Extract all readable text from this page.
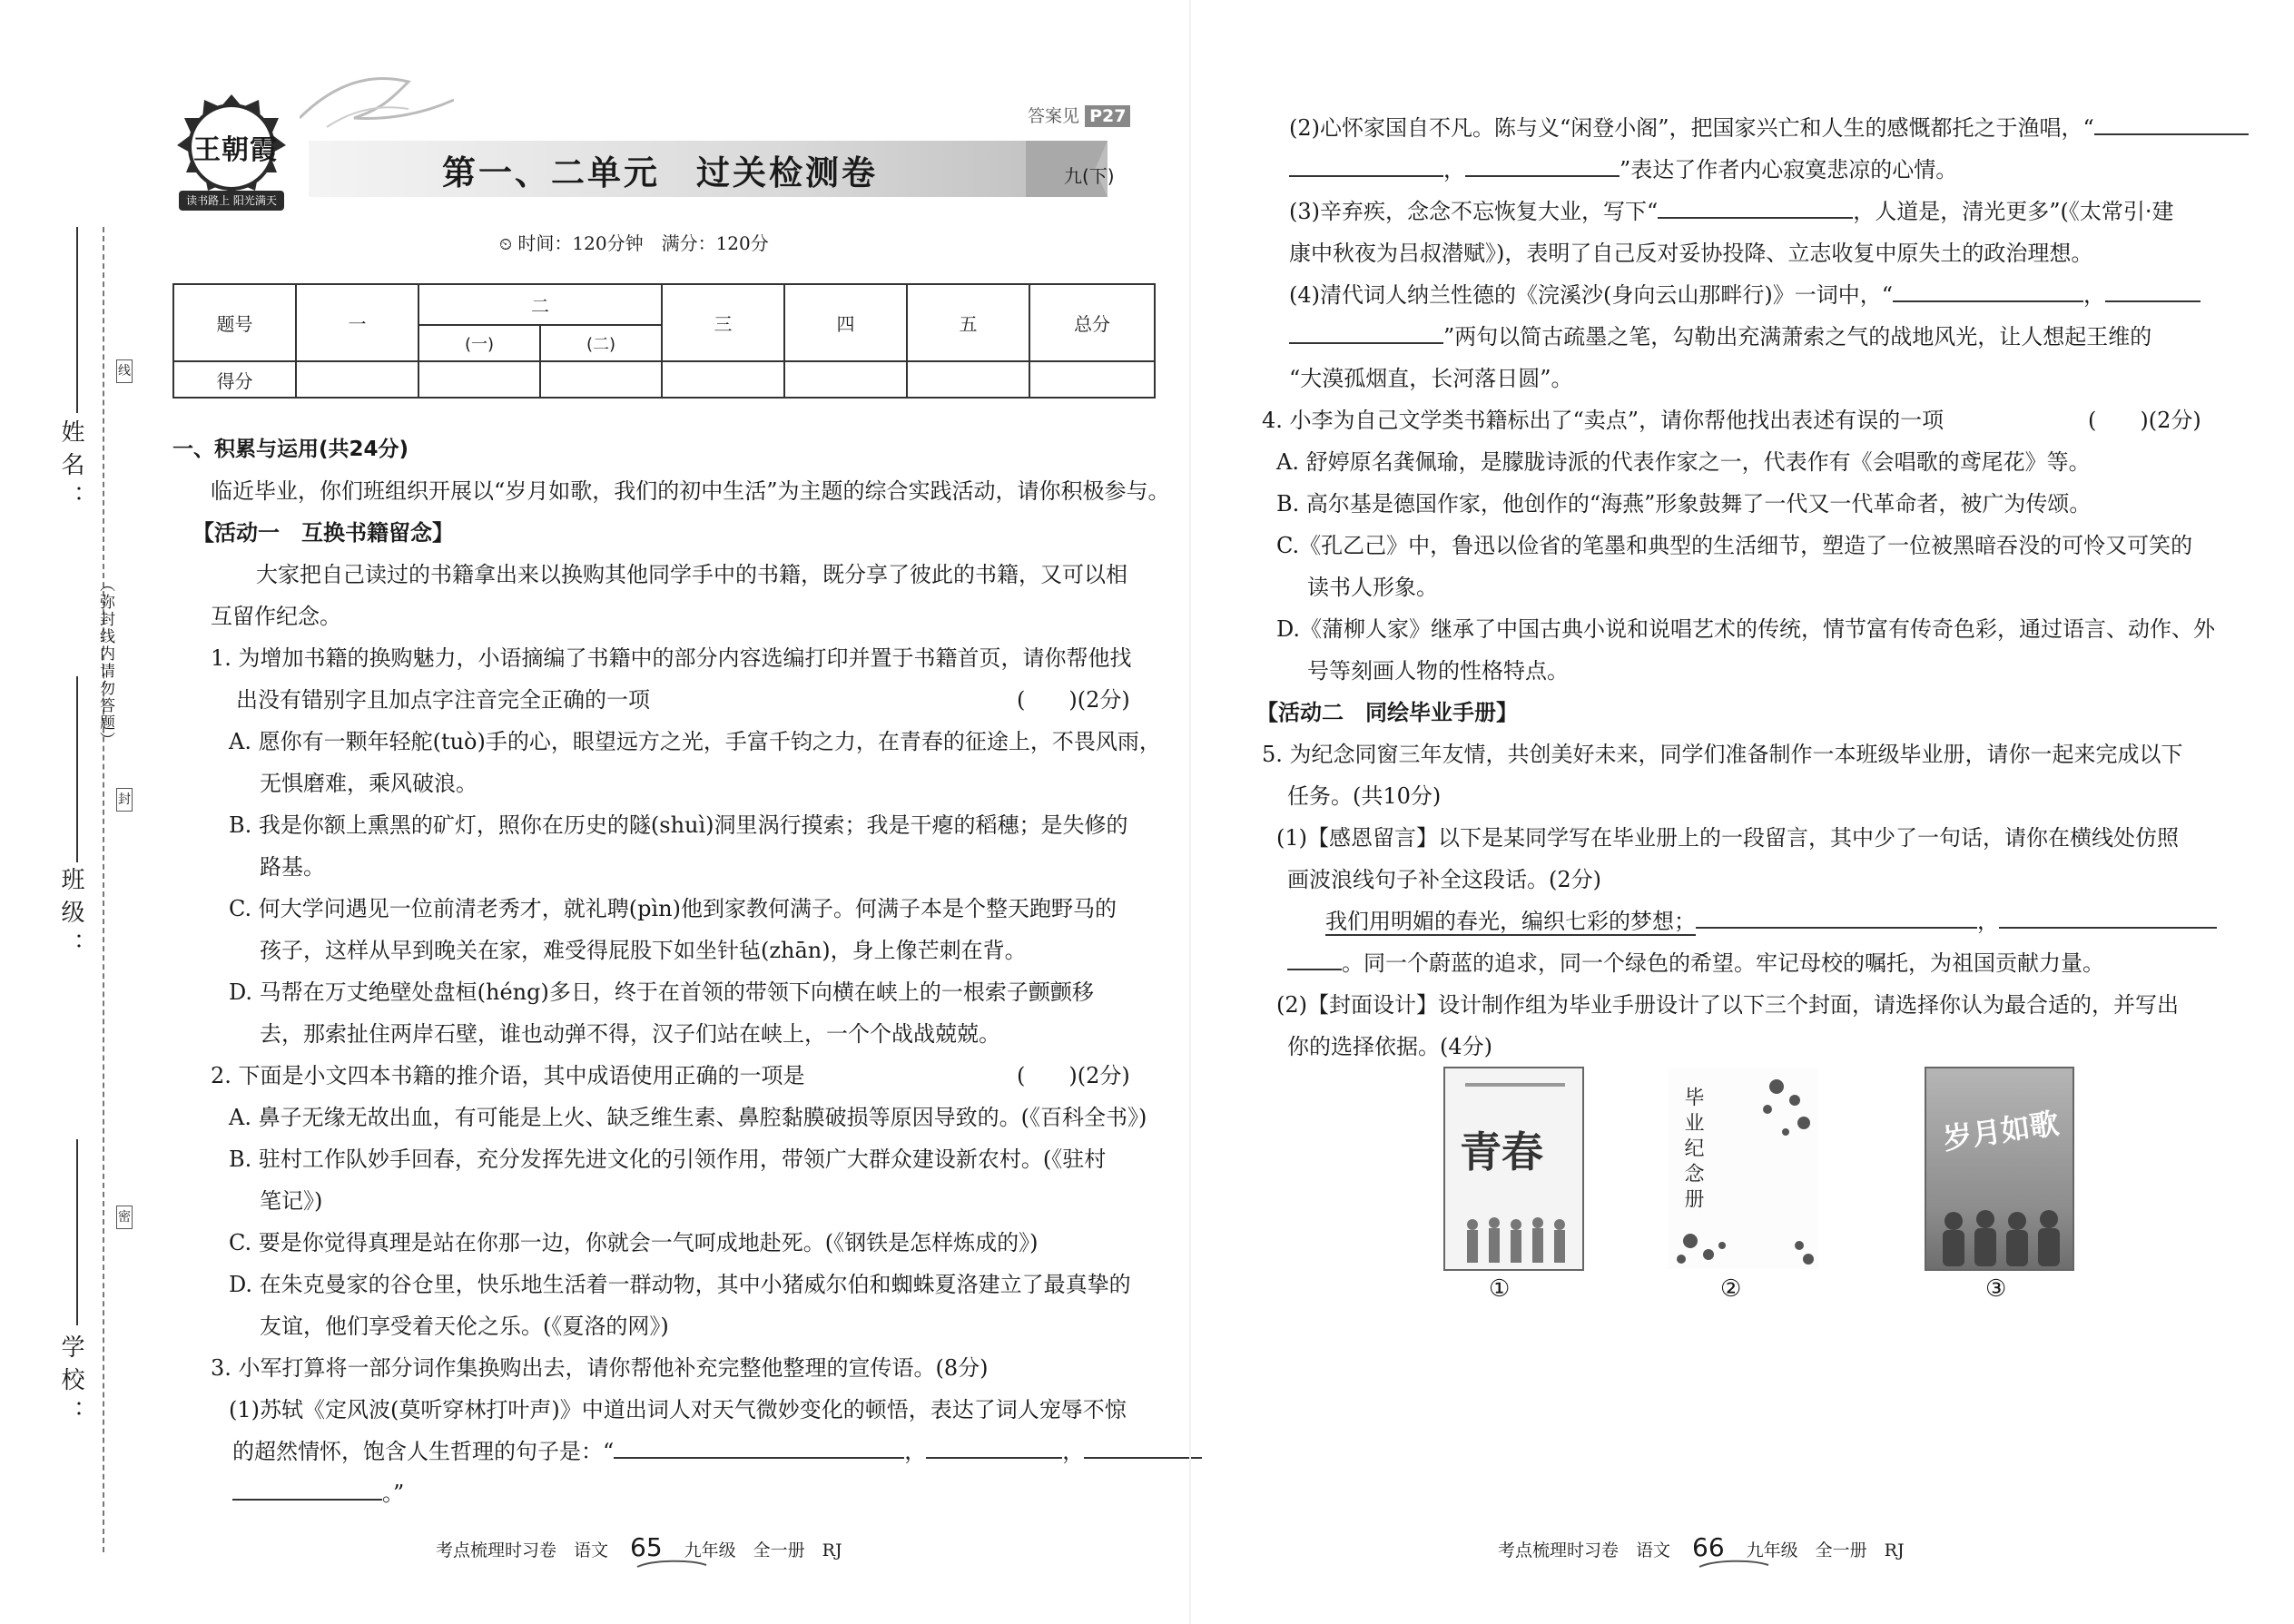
线
封
密
姓名：
（弥封线内请勿答题）
班级：
学校：
王朝霞
读书路上 阳光满天
答案见 P27
第一、二单元　过关检测卷	九(下)
⏲ 时间：120分钟　满分：120分
题号	一	二		三	四	五	总分
		(一)	(二)				
得分							
一、积累与运用(共24分)
临近毕业，你们班组织开展以“岁月如歌，我们的初中生活”为主题的综合实践活动，请你积极参与。
【活动一　互换书籍留念】
大家把自己读过的书籍拿出来以换购其他同学手中的书籍，既分享了彼此的书籍，又可以相
互留作纪念。
1. 为增加书籍的换购魅力，小语摘编了书籍中的部分内容选编打印并置于书籍首页，请你帮他找
出没有错别字且加点字注音完全正确的一项	(　　)(2分)
A. 愿你有一颗年轻舵(tuò)手的心，眼望远方之光，手富千钧之力，在青春的征途上，不畏风雨，
无惧磨难，乘风破浪。
B. 我是你额上熏黑的矿灯，照你在历史的隧(shuì)洞里涡行摸索；我是干瘪的稻穗；是失修的
路基。
C. 何大学问遇见一位前清老秀才，就礼聘(pìn)他到家教何满子。何满子本是个整天跑野马的
孩子，这样从早到晚关在家，难受得屁股下如坐针毡(zhān)，身上像芒刺在背。
D. 马帮在万丈绝壁处盘桓(héng)多日，终于在首领的带领下向横在峡上的一根索子颤颤移
去，那索扯住两岸石壁，谁也动弹不得，汉子们站在峡上，一个个战战兢兢。
2. 下面是小文四本书籍的推介语，其中成语使用正确的一项是	(　　)(2分)
A. 鼻子无缘无故出血，有可能是上火、缺乏维生素、鼻腔黏膜破损等原因导致的。(《百科全书》)
B. 驻村工作队妙手回春，充分发挥先进文化的引领作用，带领广大群众建设新农村。(《驻村
笔记》)
C. 要是你觉得真理是站在你那一边，你就会一气呵成地赴死。(《钢铁是怎样炼成的》)
D. 在朱克曼家的谷仓里，快乐地生活着一群动物，其中小猪威尔伯和蜘蛛夏洛建立了最真挚的
友谊，他们享受着天伦之乐。(《夏洛的网》)
3. 小军打算将一部分词作集换购出去，请你帮他补充完整他整理的宣传语。(8分)
(1)苏轼《定风波(莫听穿林打叶声)》中道出词人对天气微妙变化的顿悟，表达了词人宠辱不惊
的超然情怀，饱含人生哲理的句子是：“	，	，
。”
考点梳理时习卷　语文 65 九年级　全一册　RJ
(2)心怀家国自不凡。陈与义“闲登小阁”，把国家兴亡和人生的感慨都托之于渔唱，“
，	”表达了作者内心寂寞悲凉的心情。
(3)辛弃疾，念念不忘恢复大业，写下“	，人道是，清光更多”(《太常引·建
康中秋夜为吕叔潜赋》)，表明了自己反对妥协投降、立志收复中原失土的政治理想。
(4)清代词人纳兰性德的《浣溪沙(身向云山那畔行)》一词中，“	，
”两句以简古疏墨之笔，勾勒出充满萧索之气的战地风光，让人想起王维的
“大漠孤烟直，长河落日圆”。
4. 小李为自己文学类书籍标出了“卖点”，请你帮他找出表述有误的一项	(　　)(2分)
A. 舒婷原名龚佩瑜，是朦胧诗派的代表作家之一，代表作有《会唱歌的鸢尾花》等。
B. 高尔基是德国作家，他创作的“海燕”形象鼓舞了一代又一代革命者，被广为传颂。
C.《孔乙己》中，鲁迅以俭省的笔墨和典型的生活细节，塑造了一位被黑暗吞没的可怜又可笑的
读书人形象。
D.《蒲柳人家》继承了中国古典小说和说唱艺术的传统，情节富有传奇色彩，通过语言、动作、外
号等刻画人物的性格特点。
【活动二　同绘毕业手册】
5. 为纪念同窗三年友情，共创美好未来，同学们准备制作一本班级毕业册，请你一起来完成以下
任务。(共10分)
(1)【感恩留言】以下是某同学写在毕业册上的一段留言，其中少了一句话，请你在横线处仿照
画波浪线句子补全这段话。(2分)
我们用明媚的春光，编织七彩的梦想；	，
。同一个蔚蓝的追求，同一个绿色的希望。牢记母校的嘱托，为祖国贡献力量。
(2)【封面设计】设计制作组为毕业手册设计了以下三个封面，请选择你认为最合适的，并写出
你的选择依据。(4分)
青春
①
毕业纪念册
②
岁月如歌
③
考点梳理时习卷　语文 66 九年级　全一册　RJ
